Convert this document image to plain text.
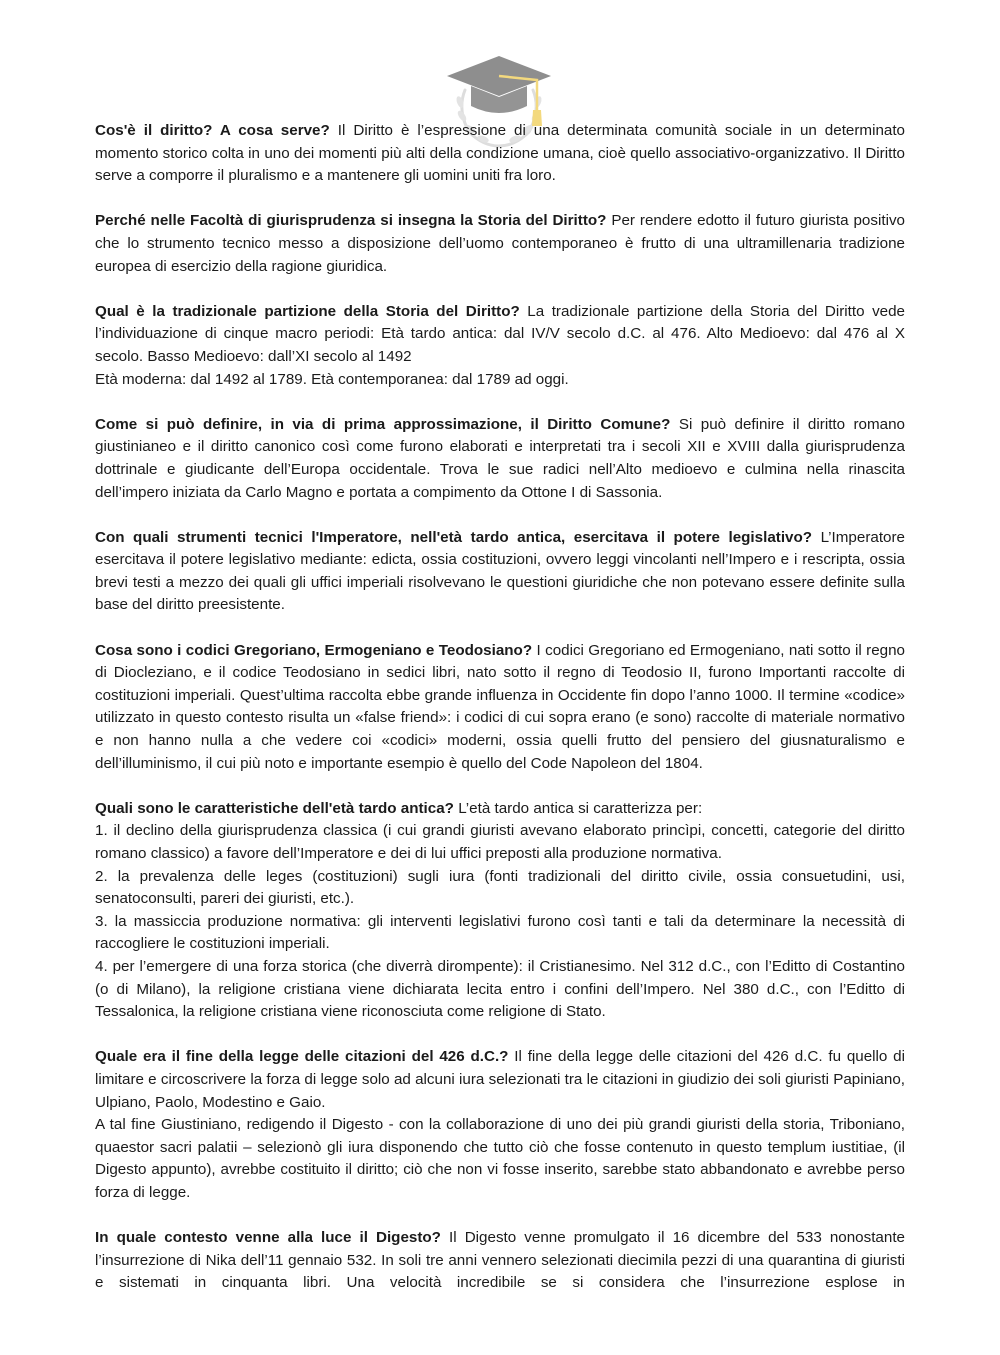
Cos'è il diritto? A cosa serve? Il Diritto è l’espressione di una determinata comunità sociale in un determinato momento storico colta in uno dei momenti più alti della condizione umana, cioè quello associativo-organizzativo. Il Diritto serve a comporre il pluralismo e a mantenere gli uomini uniti fra loro.

Perché nelle Facoltà di giurisprudenza si insegna la Storia del Diritto? Per rendere edotto il futuro giurista positivo che lo strumento tecnico messo a disposizione dell’uomo contemporaneo è frutto di una ultramillenaria tradizione europea di esercizio della ragione giuridica.

Qual è la tradizionale partizione della Storia del Diritto? La tradizionale partizione della Storia del Diritto vede l’individuazione di cinque macro periodi: Età tardo antica: dal IV/V secolo d.C. al 476. Alto Medioevo: dal 476 al X secolo. Basso Medioevo: dall’XI secolo al 1492
Età moderna: dal 1492 al 1789. Età contemporanea: dal 1789 ad oggi.

Come si può definire, in via di prima approssimazione, il Diritto Comune? Si può definire il diritto romano giustinianeo e il diritto canonico così come furono elaborati e interpretati tra i secoli XII e XVIII dalla giurisprudenza dottrinale e giudicante dell’Europa occidentale. Trova le sue radici nell’Alto medioevo e culmina nella rinascita dell’impero iniziata da Carlo Magno e portata a compimento da Ottone I di Sassonia.

Con quali strumenti tecnici l'Imperatore, nell'età tardo antica, esercitava il potere legislativo? L’Imperatore esercitava il potere legislativo mediante: edicta, ossia costituzioni, ovvero leggi vincolanti nell’Impero e i rescripta, ossia brevi testi a mezzo dei quali gli uffici imperiali risolvevano le questioni giuridiche che non potevano essere definite sulla base del diritto preesistente.

Cosa sono i codici Gregoriano, Ermogeniano e Teodosiano? I codici Gregoriano ed Ermogeniano, nati sotto il regno di Diocleziano, e il codice Teodosiano in sedici libri, nato sotto il regno di Teodosio II, furono Importanti raccolte di costituzioni imperiali. Quest’ultima raccolta ebbe grande influenza in Occidente fin dopo l’anno 1000. Il termine «codice» utilizzato in questo contesto risulta un «false friend»: i codici di cui sopra erano (e sono) raccolte di materiale normativo e non hanno nulla a che vedere coi «codici» moderni, ossia quelli frutto del pensiero del giusnaturalismo e dell’illuminismo, il cui più noto e importante esempio è quello del Code Napoleon del 1804.

Quali sono le caratteristiche dell'età tardo antica? L’età tardo antica si caratterizza per:
1. il declino della giurisprudenza classica (i cui grandi giuristi avevano elaborato princìpi, concetti, categorie del diritto romano classico) a favore dell’Imperatore e dei di lui uffici preposti alla produzione normativa.
2. la prevalenza delle leges (costituzioni) sugli iura (fonti tradizionali del diritto civile, ossia consuetudini, usi, senatoconsulti, pareri dei giuristi, etc.).
3. la massiccia produzione normativa: gli interventi legislativi furono così tanti e tali da determinare la necessità di raccogliere le costituzioni imperiali.
4. per l’emergere di una forza storica (che diverrà dirompente): il Cristianesimo. Nel 312 d.C., con l’Editto di Costantino (o di Milano), la religione cristiana viene dichiarata lecita entro i confini dell’Impero. Nel 380 d.C., con l’Editto di Tessalonica, la religione cristiana viene riconosciuta come religione di Stato.

Quale era il fine della legge delle citazioni del 426 d.C.? Il fine della legge delle citazioni del 426 d.C. fu quello di limitare e circoscrivere la forza di legge solo ad alcuni iura selezionati tra le citazioni in giudizio dei soli giuristi Papiniano, Ulpiano, Paolo, Modestino e Gaio.
A tal fine Giustiniano, redigendo il Digesto - con la collaborazione di uno dei più grandi giuristi della storia, Triboniano, quaestor sacri palatii – selezionò gli iura disponendo che tutto ciò che fosse contenuto in questo templum iustitiae, (il Digesto appunto), avrebbe costituito il diritto; ciò che non vi fosse inserito, sarebbe stato abbandonato e avrebbe perso forza di legge.

In quale contesto venne alla luce il Digesto? Il Digesto venne promulgato il 16 dicembre del 533 nonostante l’insurrezione di Nika dell’11 gennaio 532. In soli tre anni vennero selezionati diecimila pezzi di una quarantina di giuristi e sistemati in cinquanta libri. Una velocità incredibile se si considera che l’insurrezione esplose in
